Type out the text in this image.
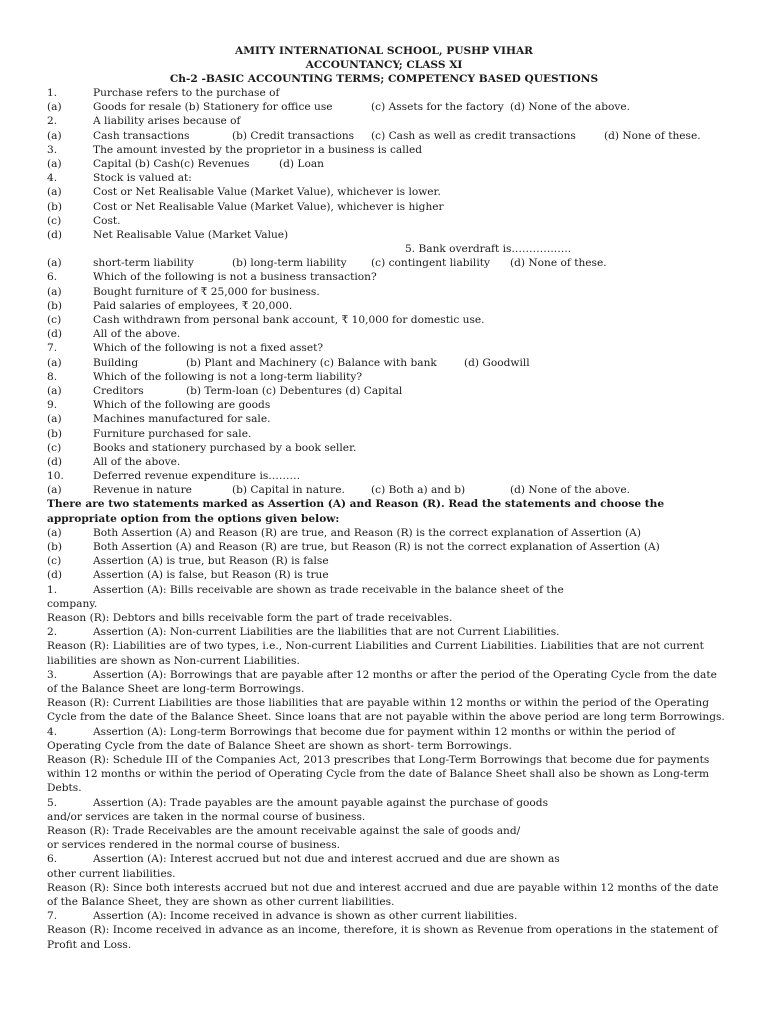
AMITY INTERNATIONAL SCHOOL, PUSHP VIHAR
ACCOUNTANCY; CLASS XI
Ch-2 -BASIC ACCOUNTING TERMS; COMPETENCY BASED QUESTIONS
1.	Purchase refers to the purchase of
(a)	Goods for resale (b) Stationery for office use	(c) Assets for the factory (d) None of the above.
2.	A liability arises because of
(a)	Cash transactions	(b) Credit transactions (c) Cash as well as credit transactions	(d) None of these.
3.	The amount invested by the proprietor in a business is called
(a)	Capital (b) Cash(c) Revenues	(d) Loan
4.	Stock is valued at:
(a)	Cost or Net Realisable Value (Market Value), whichever is lower.
(b)	Cost or Net Realisable Value (Market Value), whichever is higher
(c)	Cost.
(d)	Net Realisable Value (Market Value)
5. Bank overdraft is……………..
(a)	short-term liability	(b) long-term liability (c) contingent liability (d) None of these.
6.	Which of the following is not a business transaction?
(a)	Bought furniture of ₹ 25,000 for business.
(b)	Paid salaries of employees, ₹ 20,000.
(c)	Cash withdrawn from personal bank account, ₹ 10,000 for domestic use.
(d)	All of the above.
7.	Which of the following is not a fixed asset?
(a)	Building	(b) Plant and Machinery (c) Balance with bank	(d) Goodwill
8.	Which of the following is not a long-term liability?
(a)	Creditors	(b) Term-loan (c) Debentures (d) Capital
9.	Which of the following are goods
(a)	Machines manufactured for sale.
(b)	Furniture purchased for sale.
(c)	Books and stationery purchased by a book seller.
(d)	All of the above.
10.	Deferred revenue expenditure is………
(a)	Revenue in nature	(b) Capital in nature. (c) Both a) and b)	(d) None of the above.
There are two statements marked as Assertion (A) and Reason (R). Read the statements and choose the appropriate option from the options given below:
(a)	Both Assertion (A) and Reason (R) are true, and Reason (R) is the correct explanation of Assertion (A)
(b)	Both Assertion (A) and Reason (R) are true, but Reason (R) is not the correct explanation of Assertion (A)
(c)	Assertion (A) is true, but Reason (R) is false
(d)	Assertion (A) is false, but Reason (R) is true
1.	Assertion (A): Bills receivable are shown as trade receivable in the balance sheet of the
company.
Reason (R): Debtors and bills receivable form the part of trade receivables.
2.	Assertion (A): Non-current Liabilities are the liabilities that are not Current Liabilities.
Reason (R): Liabilities are of two types, i.e., Non-current Liabilities and Current Liabilities. Liabilities that are not current liabilities are shown as Non-current Liabilities.
3.	Assertion (A): Borrowings that are payable after 12 months or after the period of the Operating Cycle from the date of the Balance Sheet are long-term Borrowings.
Reason (R): Current Liabilities are those liabilities that are payable within 12 months or within the period of the Operating Cycle from the date of the Balance Sheet. Since loans that are not payable within the above period are long term Borrowings.
4.	Assertion (A): Long-term Borrowings that become due for payment within 12 months or within the period of Operating Cycle from the date of Balance Sheet are shown as short- term Borrowings.
Reason (R): Schedule III of the Companies Act, 2013 prescribes that Long-Term Borrowings that become due for payments within 12 months or within the period of Operating Cycle from the date of Balance Sheet shall also be shown as Long-term Debts.
5.	Assertion (A): Trade payables are the amount payable against the purchase of goods
and/or services are taken in the normal course of business.
Reason (R): Trade Receivables are the amount receivable against the sale of goods and/
or services rendered in the normal course of business.
6.	Assertion (A): Interest accrued but not due and interest accrued and due are shown as
other current liabilities.
Reason (R): Since both interests accrued but not due and interest accrued and due are payable within 12 months of the date of the Balance Sheet, they are shown as other current liabilities.
7.	Assertion (A): Income received in advance is shown as other current liabilities.
Reason (R): Income received in advance as an income, therefore, it is shown as Revenue from operations in the statement of Profit and Loss.
